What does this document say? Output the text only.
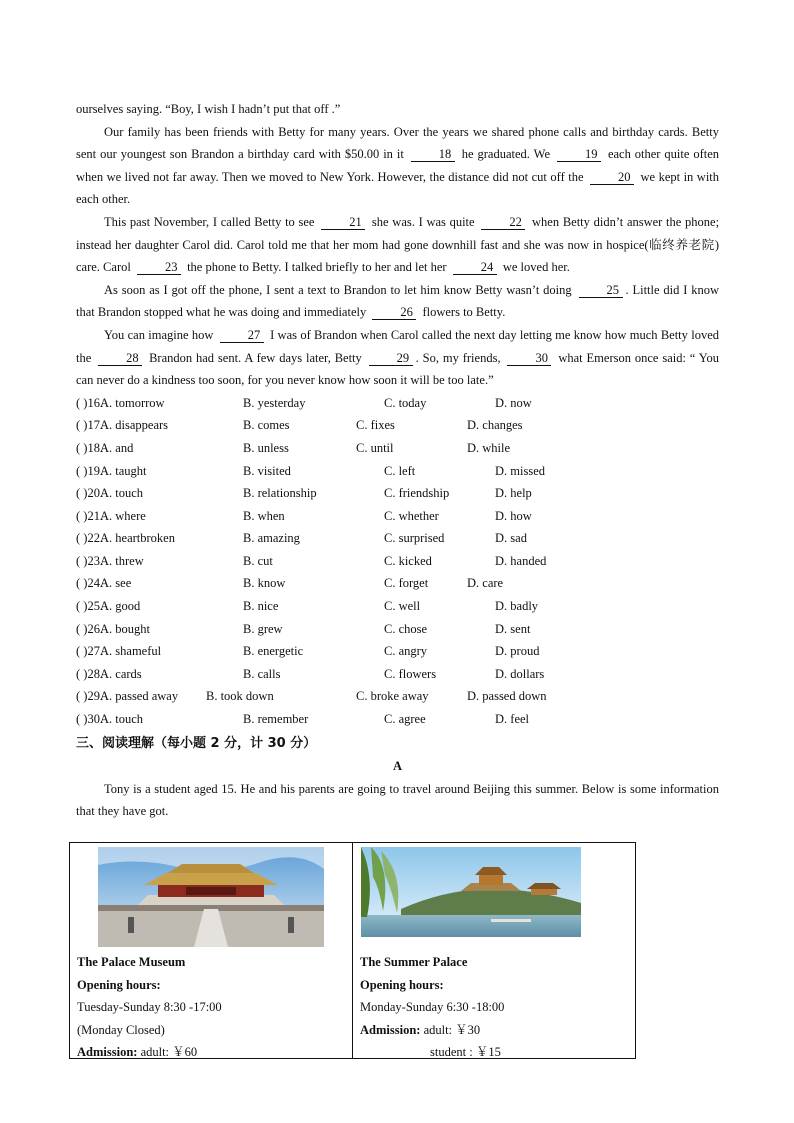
ourselves saying. “Boy, I wish I hadn’t put that off .”

Our family has been friends with Betty for many years. Over the years we shared phone calls and birthday cards. Betty sent our youngest son Brandon a birthday card with $50.00 in it	18 he graduated. We	19 each other quite often when we lived not far away. Then we moved to New York. However, the distance did not cut off the	20 we kept in with each other.

This past November, I called Betty to see	21 she was. I was quite	22 when Betty didn’t answer the phone; instead her daughter Carol did. Carol told me that her mom had gone downhill fast and she was now in hospice(临终养老院) care. Carol	23 the phone to Betty. I talked briefly to her and let her	24 we loved her.

As soon as I got off the phone, I sent a text to Brandon to let him know Betty wasn’t doing	25 . Little did I know that Brandon stopped what he was doing and immediately	26 flowers to Betty.

You can imagine how	27 I was of Brandon when Carol called the next day letting me know how much Betty loved the	28 Brandon had sent. A few days later, Betty	29 . So, my friends,	30 what Emerson once said: “ You can never do a kindness too soon, for you never know how soon it will be too late.”

( )16.
A. tomorrow	B. yesterday	C. today	D. now
( )17.
A. disappears	B. comes	C. fixes	D. changes
( )18.
A. and	B. unless	C. until	D. while
( )19.
A. taught	B. visited	C. left	D. missed
( )20.
A. touch	B. relationship	C. friendship	D. help
( )21.
A. where	B. when	C. whether	D. how
( )22.
A. heartbroken	B. amazing	C. surprised	D. sad
( )23.
A. threw	B. cut	C. kicked	D. handed
( )24.
A. see	B. know	C. forget	D. care
( )25.
A. good	B. nice	C. well	D. badly
( )26.
A. bought	B. grew	C. chose	D. sent
( )27.
A. shameful	B. energetic	C. angry	D. proud
( )28.
A. cards	B. calls	C. flowers	D. dollars
( )29.
A. passed away B. took down	C. broke away	D. passed down
( )30.
A. touch	B. remember	C. agree	D. feel

三、阅读理解（每小题 2 分，计 30 分）

A

Tony is a student aged 15. He and his parents are going to travel around Beijing this summer. Below is some information that they have got.

The Palace Museum
Opening hours:
Tuesday-Sunday 8:30 -17:00
(Monday Closed)
Admission: adult: ￥60
The Summer Palace
Opening hours:
Monday-Sunday 6:30 -18:00
Admission: adult: ￥30
student : ￥15
